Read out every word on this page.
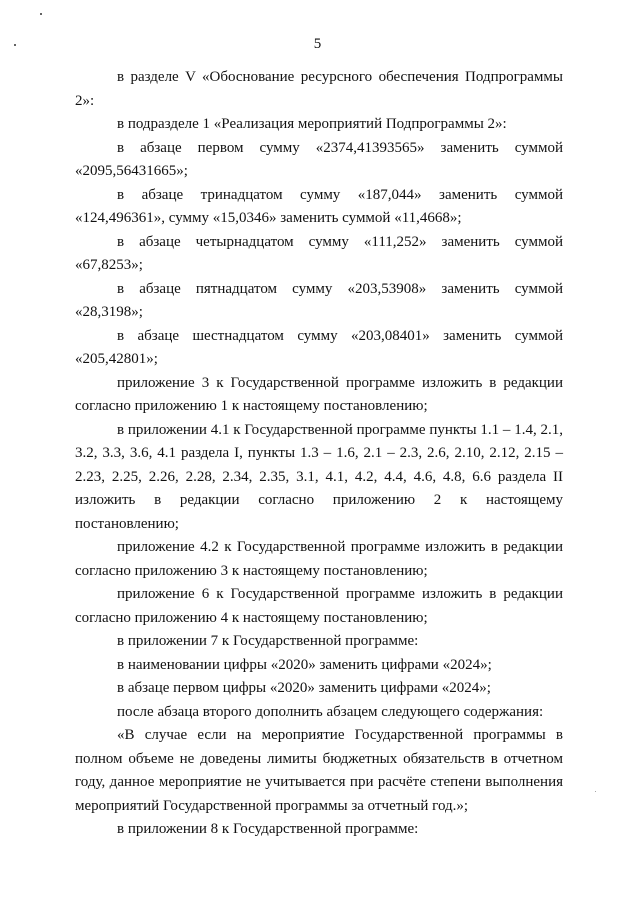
5

в разделе V «Обоснование ресурсного обеспечения Подпрограммы 2»:

в подразделе 1 «Реализация мероприятий Подпрограммы 2»:

в абзаце первом сумму «2374,41393565» заменить суммой «2095,56431665»;

в абзаце тринадцатом сумму «187,044» заменить суммой «124,496361», сумму «15,0346» заменить суммой «11,4668»;

в абзаце четырнадцатом сумму «111,252» заменить суммой «67,8253»;

в абзаце пятнадцатом сумму «203,53908» заменить суммой «28,3198»;

в абзаце шестнадцатом сумму «203,08401» заменить суммой «205,42801»;

приложение 3 к Государственной программе изложить в редакции согласно приложению 1 к настоящему постановлению;

в приложении 4.1 к Государственной программе пункты 1.1 – 1.4, 2.1, 3.2, 3.3, 3.6, 4.1 раздела I, пункты 1.3 – 1.6, 2.1 – 2.3, 2.6, 2.10, 2.12, 2.15 – 2.23, 2.25, 2.26, 2.28, 2.34, 2.35, 3.1, 4.1, 4.2, 4.4, 4.6, 4.8, 6.6 раздела II изложить в редакции согласно приложению 2 к настоящему постановлению;

приложение 4.2 к Государственной программе изложить в редакции согласно приложению 3 к настоящему постановлению;

приложение 6 к Государственной программе изложить в редакции согласно приложению 4 к настоящему постановлению;

в приложении 7 к Государственной программе:

в наименовании цифры «2020» заменить цифрами «2024»;

в абзаце первом цифры «2020» заменить цифрами «2024»;

после абзаца второго дополнить абзацем следующего содержания:

«В случае если на мероприятие Государственной программы в полном объеме не доведены лимиты бюджетных обязательств в отчетном году, данное мероприятие не учитывается при расчёте степени выполнения мероприятий Государственной программы за отчетный год.»;

в приложении 8 к Государственной программе:
